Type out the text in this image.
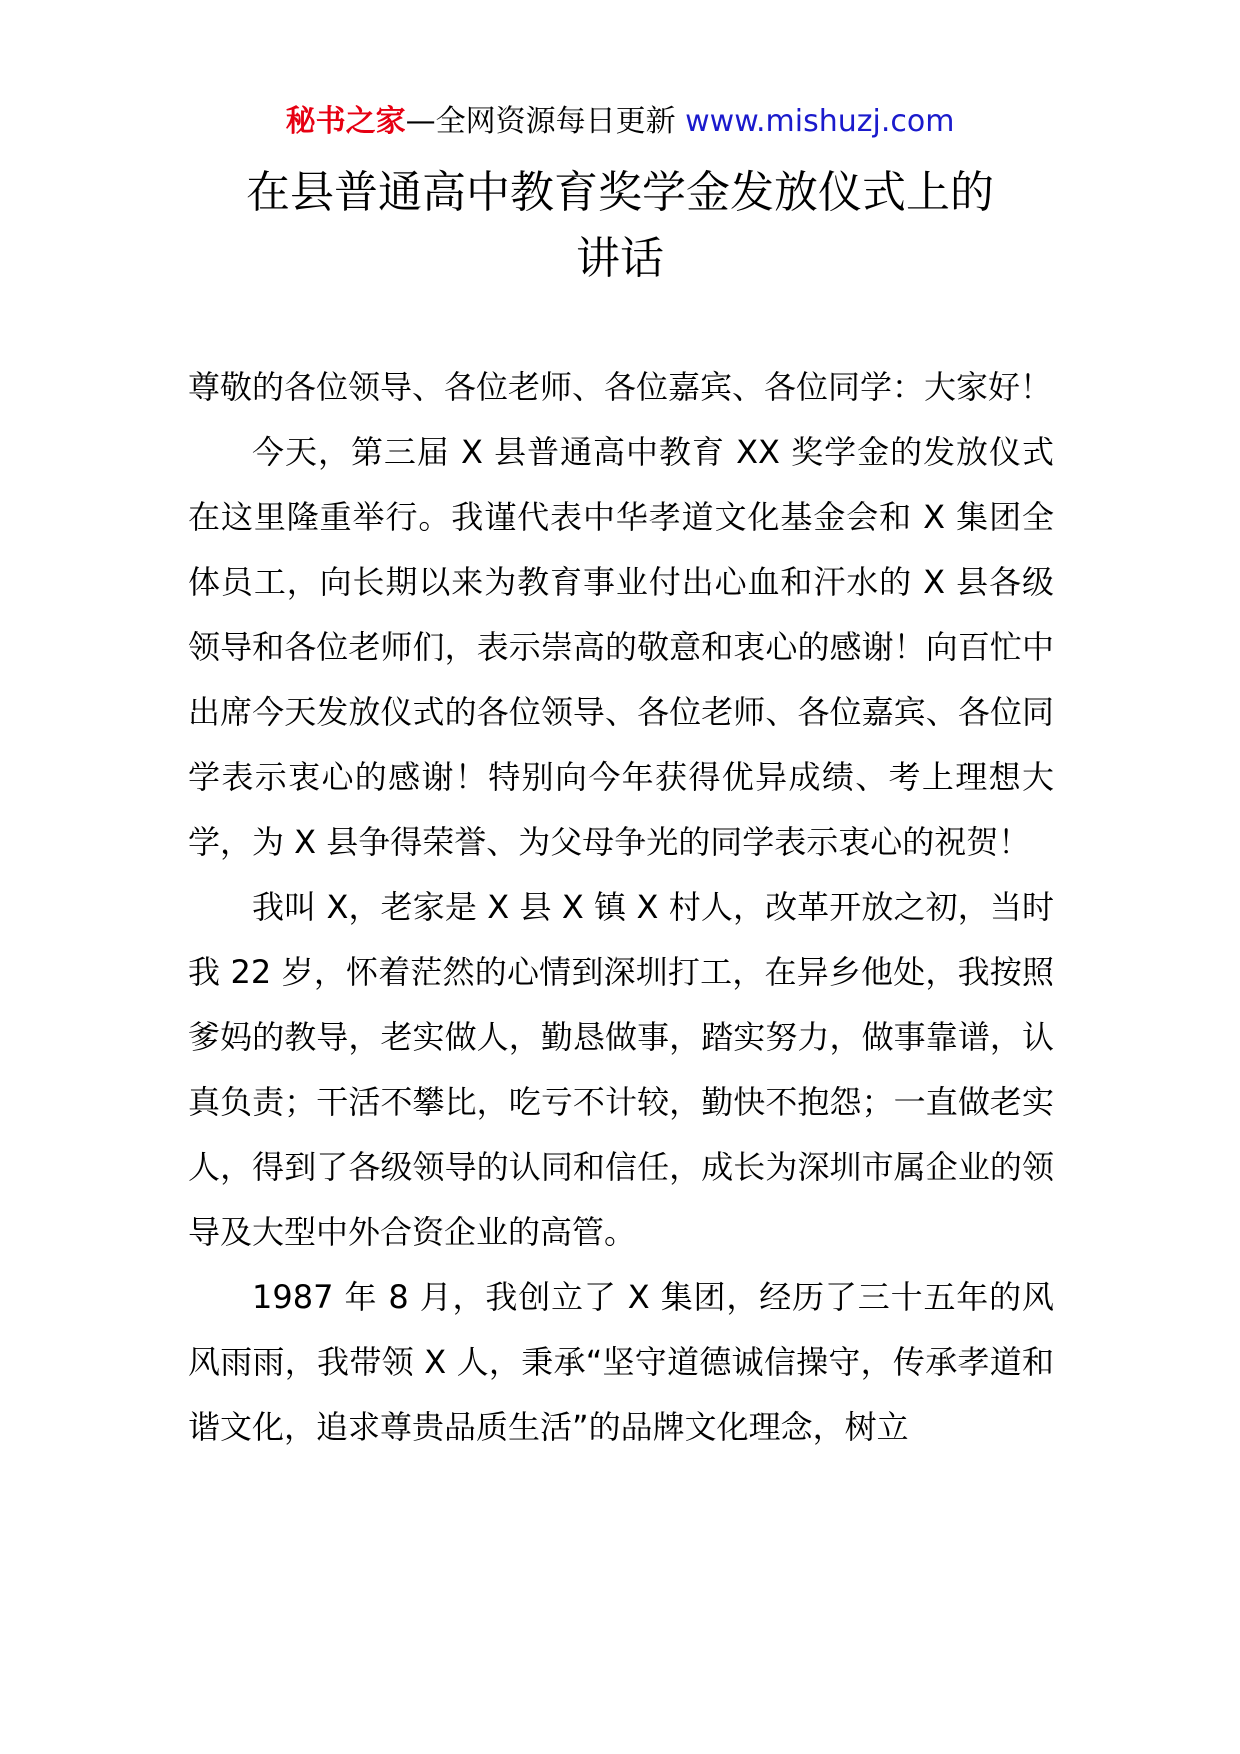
秘书之家—全网资源每日更新 www.mishuzj.com
在县普通高中教育奖学金发放仪式上的
讲话

尊敬的各位领导、各位老师、各位嘉宾、各位同学：大家好！

今天，第三届 X 县普通高中教育 XX 奖学金的发放仪式在这里隆重举行。我谨代表中华孝道文化基金会和 X 集团全体员工，向长期以来为教育事业付出心血和汗水的 X 县各级领导和各位老师们，表示崇高的敬意和衷心的感谢！向百忙中出席今天发放仪式的各位领导、各位老师、各位嘉宾、各位同学表示衷心的感谢！特别向今年获得优异成绩、考上理想大学，为 X 县争得荣誉、为父母争光的同学表示衷心的祝贺！

我叫 X，老家是 X 县 X 镇 X 村人，改革开放之初，当时我 22 岁，怀着茫然的心情到深圳打工，在异乡他处，我按照爹妈的教导，老实做人，勤恳做事，踏实努力，做事靠谱，认真负责；干活不攀比，吃亏不计较，勤快不抱怨；一直做老实人，得到了各级领导的认同和信任，成长为深圳市属企业的领导及大型中外合资企业的高管。

1987 年 8 月，我创立了 X 集团，经历了三十五年的风风雨雨，我带领 X 人，秉承“坚守道德诚信操守，传承孝道和谐文化，追求尊贵品质生活”的品牌文化理念，树立
